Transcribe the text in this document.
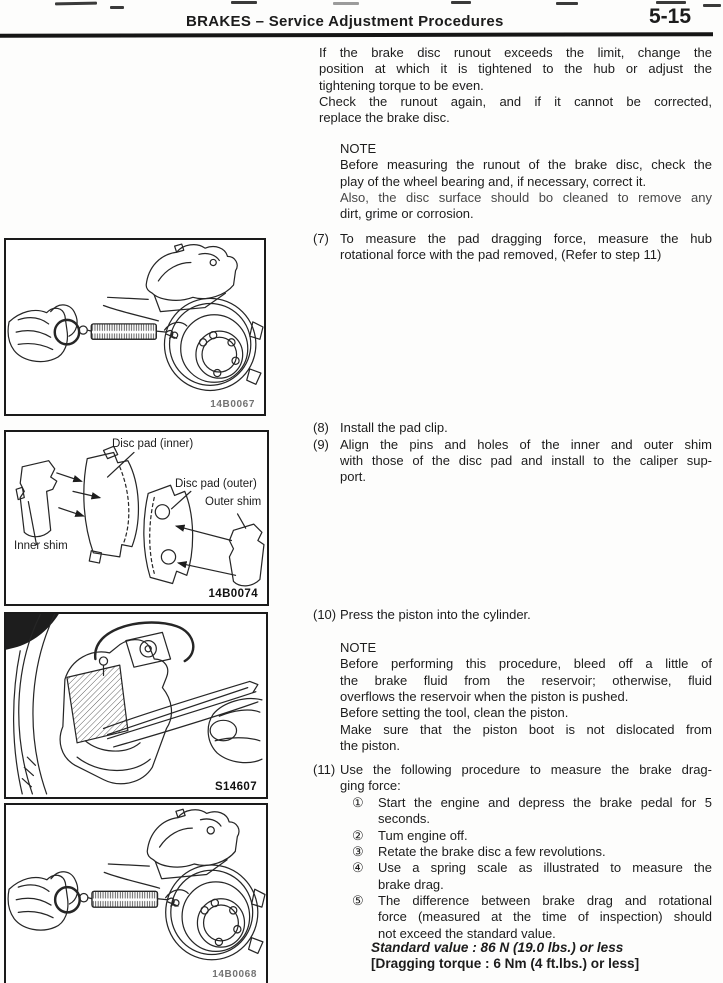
BRAKES – Service Adjustment Procedures	5-15
14B0067
Disc pad (inner)
Disc pad (outer)
Outer shim
Inner shim
14B0074
S14607
14B0068
If the brake disc runout exceeds the limit, change the
position at which it is tightened to the hub or adjust the
tightening torque to be even.
Check the runout again, and if it cannot be corrected,
replace the brake disc.
NOTE
Before measuring the runout of the brake disc, check the
play of the wheel bearing and, if necessary, correct it.
Also, the disc surface should bo cleaned to remove any
dirt, grime or corrosion.
(7) To measure the pad dragging force, measure the hub
rotational force with the pad removed, (Refer to step 11)
(8) Install the pad clip.
(9) Align the pins and holes of the inner and outer shim
with those of the disc pad and install to the caliper sup-
port.
(10) Press the piston into the cylinder.
NOTE
Before performing this procedure, bleed off a little of
the brake fluid from the reservoir; otherwise, fluid
overflows the reservoir when the piston is pushed.
Before setting the tool, clean the piston.
Make sure that the piston boot is not dislocated from
the piston.
(11) Use the following procedure to measure the brake drag-
ging force:
① Start the engine and depress the brake pedal for 5
seconds.
② Tum engine off.
③ Retate the brake disc a few revolutions.
④ Use a spring scale as illustrated to measure the
brake drag.
⑤ The difference between brake drag and rotational
force (measured at the time of inspection) should
not exceed the standard value.
Standard value : 86 N (19.0 lbs.) or less
[Dragging torque : 6 Nm (4 ft.lbs.) or less]
